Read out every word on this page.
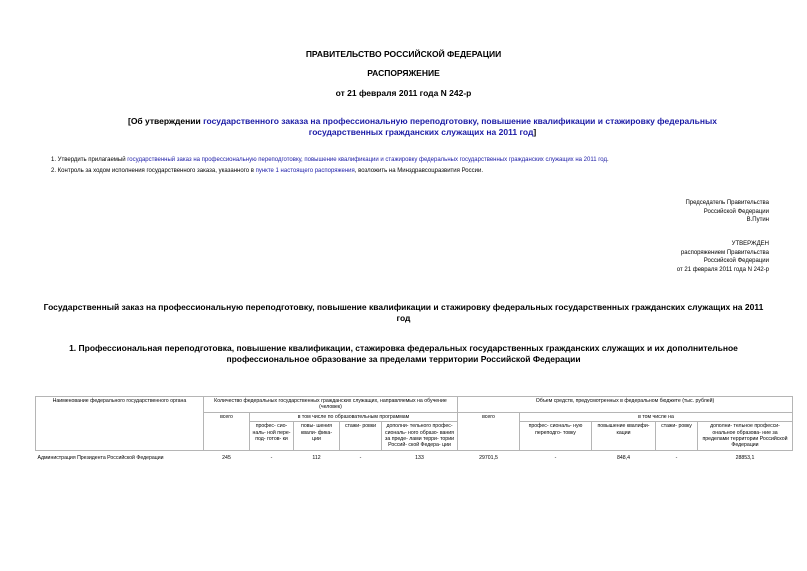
ПРАВИТЕЛЬСТВО РОССИЙСКОЙ ФЕДЕРАЦИИ
РАСПОРЯЖЕНИЕ
от 21 февраля 2011 года N 242-р
[Об утверждении государственного заказа на профессиональную переподготовку, повышение квалификации и стажировку федеральных государственных гражданских служащих на 2011 год]
1. Утвердить прилагаемый государственный заказ на профессиональную переподготовку, повышение квалификации и стажировку федеральных государственных гражданских служащих на 2011 год.
2. Контроль за ходом исполнения государственного заказа, указанного в пункте 1 настоящего распоряжения, возложить на Минздравсоцразвития России.
Председатель Правительства
Российской Федерации
В.Путин
УТВЕРЖДЕН
распоряжением Правительства
Российской Федерации
от 21 февраля 2011 года N 242-р
Государственный заказ на профессиональную переподготовку, повышение квалификации и стажировку федеральных государственных гражданских служащих на 2011 год
1. Профессиональная переподготовка, повышение квалификации, стажировка федеральных государственных гражданских служащих и их дополнительное профессиональное образование за пределами территории Российской Федерации
Наименование федерального государственного органа	Количество федеральных государственных гражданских служащих, направляемых на обучение (человек)					Объем средств, предусмотренных в федеральном бюджете (тыс. рублей)				
	всего	в том числе по образовательным программам				всего	в том числе на			
		профес- сио- наль- ной пере- под- готов- ки	повы- шения квали- фика- ции	стажи- ровки	дополни- тельного профес- сиональ- ного образо- вания за преде- лами терри- тории Россий- ской Федера- ции		профес- сиональ- ную переподго- товку	повышение квалифи- кации	стажи- ровку	дополни- тельное професси- ональное образова- ние за пределами территории Российской Федерации
Администрация Президента Российской Федерации	245	-	112	-	133	29701,5	-	848,4	-	28853,1
